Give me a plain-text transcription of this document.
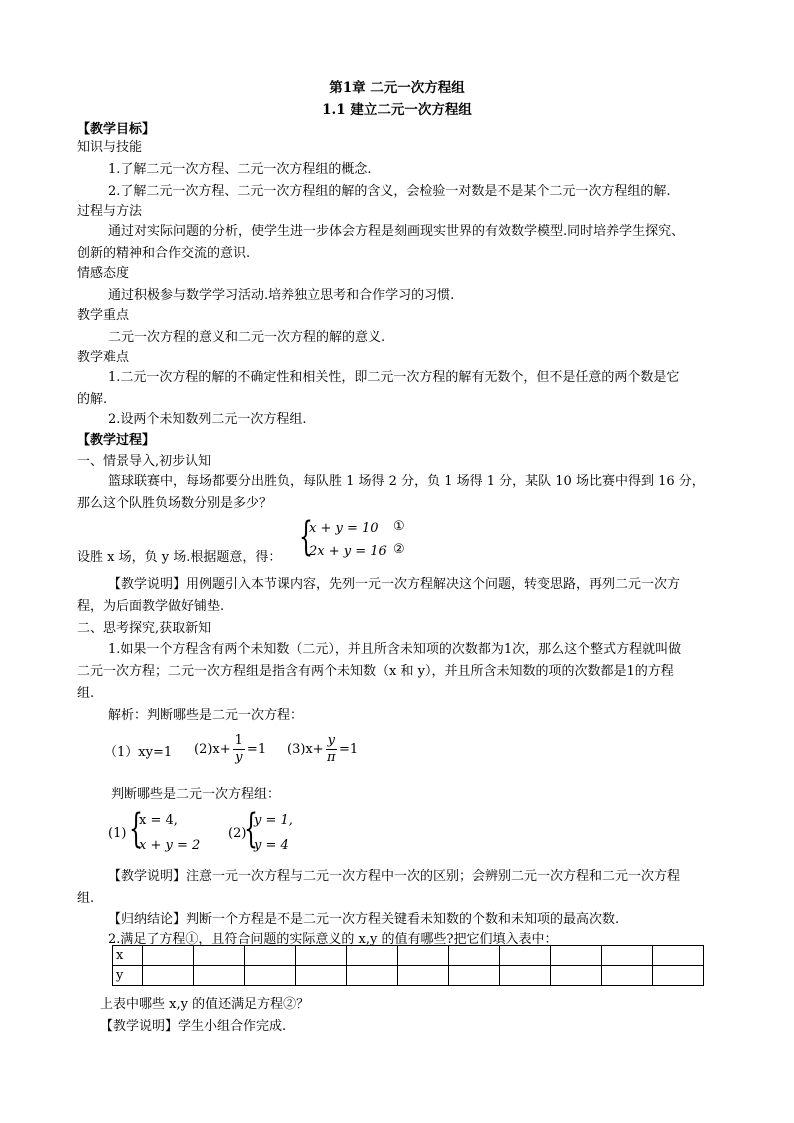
第1章 二元一次方程组
1.1 建立二元一次方程组
【教学目标】
知识与技能
1.了解二元一次方程、二元一次方程组的概念.
2.了解二元一次方程、二元一次方程组的解的含义，会检验一对数是不是某个二元一次方程组的解.
过程与方法
通过对实际问题的分析，使学生进一步体会方程是刻画现实世界的有效数学模型.同时培养学生探究、
创新的精神和合作交流的意识.
情感态度
通过积极参与数学学习活动.培养独立思考和合作学习的习惯.
教学重点
二元一次方程的意义和二元一次方程的解的意义.
教学难点
1.二元一次方程的解的不确定性和相关性，即二元一次方程的解有无数个，但不是任意的两个数是它
的解.
2.设两个未知数列二元一次方程组.
【教学过程】
一、情景导入,初步认知
篮球联赛中，每场都要分出胜负，每队胜 1 场得 2 分，负 1 场得 1 分，某队 10 场比赛中得到 16 分，
那么这个队胜负场数分别是多少？
设胜 x 场，负 y 场.根据题意，得： {
x + y = 10
2x + y = 16
①
②
【教学说明】用例题引入本节课内容，先列一元一次方程解决这个问题，转变思路，再列二元一次方
程，为后面教学做好铺垫.
二、思考探究,获取新知
1.如果一个方程含有两个未知数（二元），并且所含未知项的次数都为1次，那么这个整式方程就叫做
二元一次方程；二元一次方程组是指含有两个未知数（x 和 y），并且所含未知数的项的次数都是1的方程
组.
解析：判断哪些是二元一次方程：
（1）xy=1 $(2)x+ \frac{1}{y} =1$ $(3)x+ \frac{y}{\pi} =1$
判断哪些是二元一次方程组：
(1) {
x = 4,
x + y = 2
(2)
{
y = 1,
y = 4
【教学说明】注意一元一次方程与二元一次方程中一次的区别；会辨别二元一次方程和二元一次方程
组.
【归纳结论】判断一个方程是不是二元一次方程关键看未知数的个数和未知项的最高次数.
2.满足了方程①，且符合问题的实际意义的 x,y 的值有哪些?把它们填入表中：
x											
y											
上表中哪些 x,y 的值还满足方程②？
【教学说明】学生小组合作完成.
